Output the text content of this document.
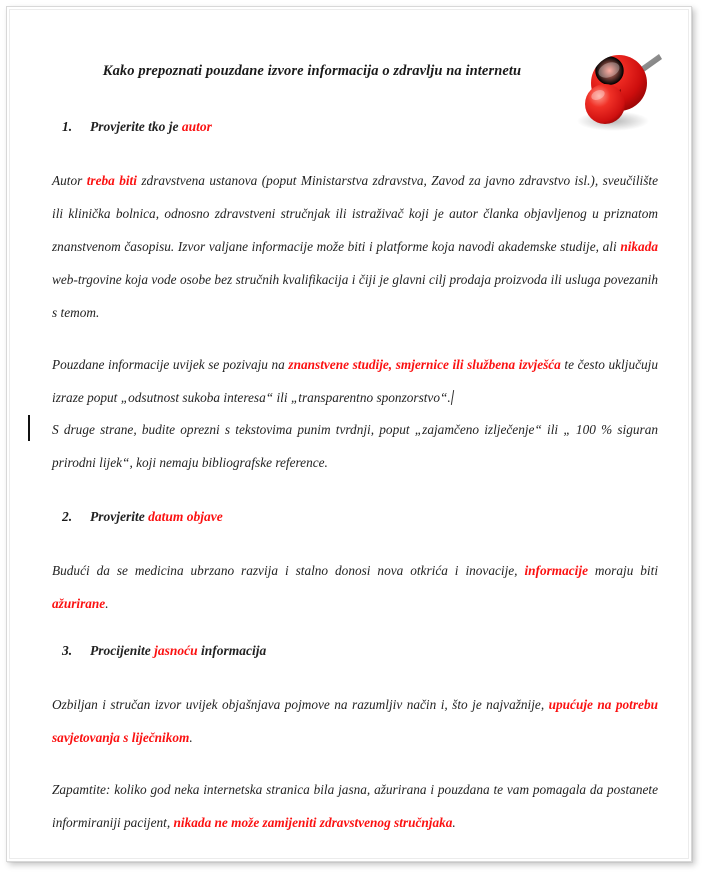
Kako prepoznati pouzdane izvore informacija o zdravlju na internetu
1. Provjerite tko je autor
Autor treba biti zdravstvena ustanova (poput Ministarstva zdravstva, Zavod za javno zdravstvo isl.), sveučilište ili klinička bolnica, odnosno zdravstveni stručnjak ili istraživač koji je autor članka objavljenog u priznatom znanstvenom časopisu. Izvor valjane informacije može biti i platforme koja navodi akademske studije, ali nikada web-trgovine koja vode osobe bez stručnih kvalifikacija i čiji je glavni cilj prodaja proizvoda ili usluga povezanih s temom.
Pouzdane informacije uvijek se pozivaju na znanstvene studije, smjernice ili službena izvješća te često uključuju izraze poput „odsutnost sukoba interesa“ ili „transparentno sponzorstvo“.
S druge strane, budite oprezni s tekstovima punim tvrdnji, poput „zajamčeno izlječenje“ ili „ 100 % siguran prirodni lijek“, koji nemaju bibliografske reference.
2. Provjerite datum objave
Budući da se medicina ubrzano razvija i stalno donosi nova otkrića i inovacije, informacije moraju biti ažurirane.
3. Procijenite jasnoću informacija
Ozbiljan i stručan izvor uvijek objašnjava pojmove na razumljiv način i, što je najvažnije, upućuje na potrebu savjetovanja s liječnikom.
Zapamtite: koliko god neka internetska stranica bila jasna, ažurirana i pouzdana te vam pomagala da postanete informiraniji pacijent, nikada ne može zamijeniti zdravstvenog stručnjaka.
